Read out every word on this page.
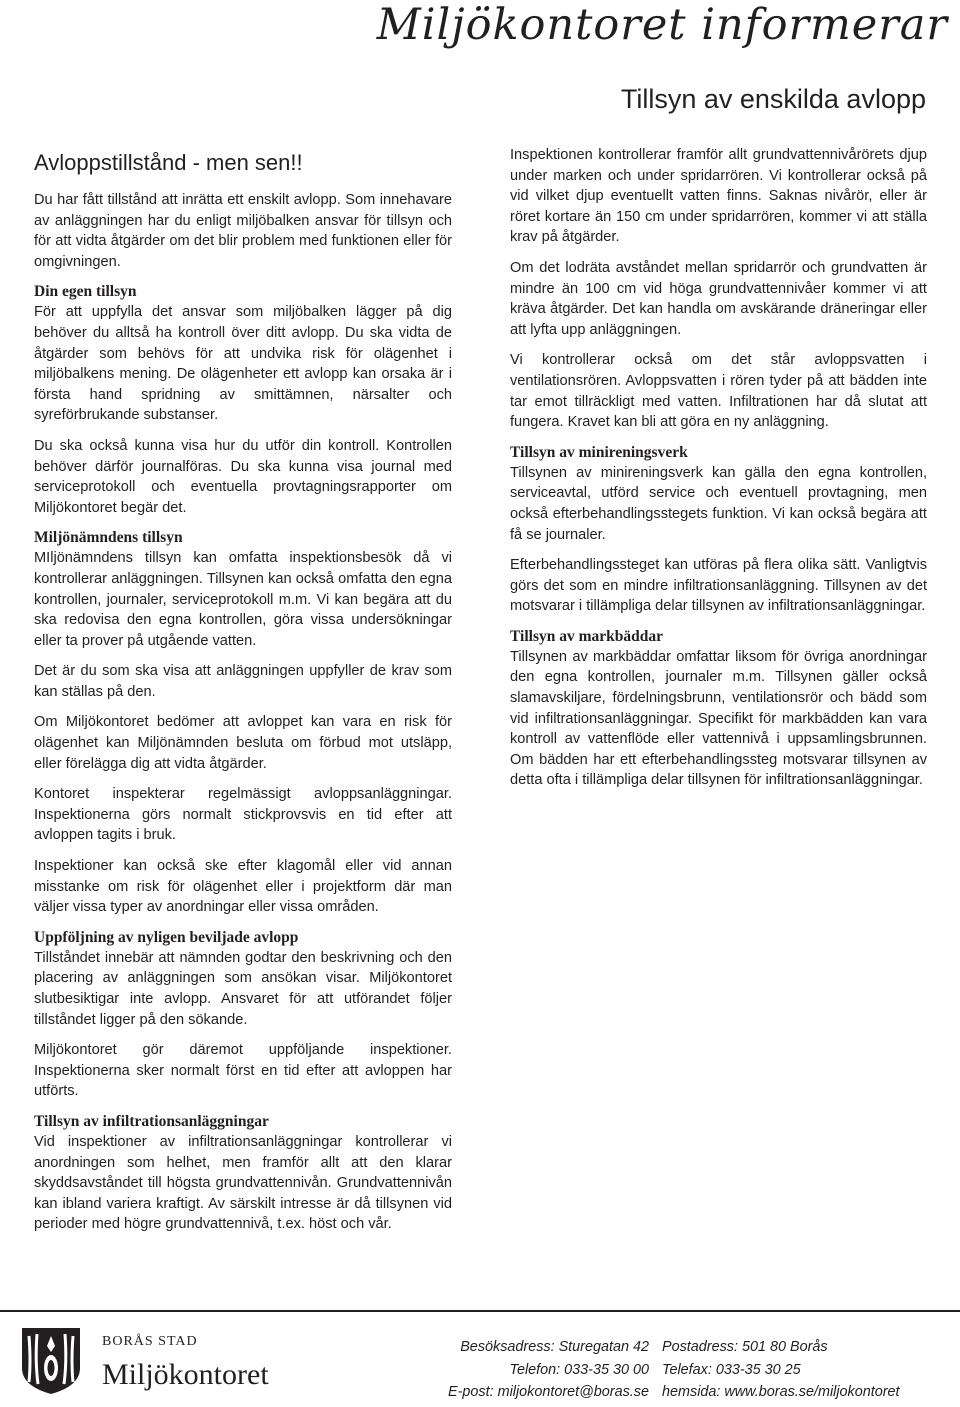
Miljökontoret informerar
Tillsyn av enskilda avlopp
Avloppstillstånd - men sen!!

Du har fått tillstånd att inrätta ett enskilt avlopp. Som innehavare av anläggningen har du enligt miljöbalken ansvar för tillsyn och för att vidta åtgärder om det blir problem med funktionen eller för omgivningen.

Din egen tillsyn

För att uppfylla det ansvar som miljöbalken lägger på dig behöver du alltså ha kontroll över ditt avlopp. Du ska vidta de åtgärder som behövs för att undvika risk för olägenhet i miljöbalkens mening. De olägenheter ett avlopp kan orsaka är i första hand spridning av smittämnen, närsalter och syreförbrukande substanser.

Du ska också kunna visa hur du utför din kontroll. Kontrollen behöver därför journalföras. Du ska kunna visa journal med serviceprotokoll och eventuella provtagningsrapporter om Miljökontoret begär det.

Miljönämndens tillsyn

MIljönämndens tillsyn kan omfatta inspektionsbesök då vi kontrollerar anläggningen. Tillsynen kan också omfatta den egna kontrollen, journaler, serviceprotokoll m.m. Vi kan begära att du ska redovisa den egna kontrollen, göra vissa undersökningar eller ta prover på utgående vatten.

Det är du som ska visa att anläggningen uppfyller de krav som kan ställas på den.

Om Miljökontoret bedömer att avloppet kan vara en risk för olägenhet kan Miljönämnden besluta om förbud mot utsläpp, eller förelägga dig att vidta åtgärder.

Kontoret inspekterar regelmässigt avloppsanläggningar. Inspektionerna görs normalt stickprovsvis en tid efter att avloppen tagits i bruk.

Inspektioner kan också ske efter klagomål eller vid annan misstanke om risk för olägenhet eller i projektform där man väljer vissa typer av anordningar eller vissa områden.

Uppföljning av nyligen beviljade avlopp

Tillståndet innebär att nämnden godtar den beskrivning och den placering av anläggningen som ansökan visar. Miljökontoret slutbesiktigar inte avlopp. Ansvaret för att utförandet följer tillståndet ligger på den sökande.

Miljökontoret gör däremot uppföljande inspektioner. Inspektionerna sker normalt först en tid efter att avloppen har utförts.

Tillsyn av infiltrationsanläggningar

Vid inspektioner av infiltrationsanläggningar kontrollerar vi anordningen som helhet, men framför allt att den klarar skyddsavståndet till högsta grundvattennivån. Grundvattennivån kan ibland variera kraftigt. Av särskilt intresse är då tillsynen vid perioder med högre grundvattennivå, t.ex. höst och vår.

Inspektionen kontrollerar framför allt grundvattennivårörets djup under marken och under spridarrören. Vi kontrollerar också på vid vilket djup eventuellt vatten finns. Saknas nivårör, eller är röret kortare än 150 cm under spridarrören, kommer vi att ställa krav på åtgärder.

Om det lodräta avståndet mellan spridarrör och grundvatten är mindre än 100 cm vid höga grundvattennivåer kommer vi att kräva åtgärder. Det kan handla om avskärande dräneringar eller att lyfta upp anläggningen.

Vi kontrollerar också om det står avloppsvatten i ventilationsrören. Avloppsvatten i rören tyder på att bädden inte tar emot tillräckligt med vatten. Infiltrationen har då slutat att fungera. Kravet kan bli att göra en ny anläggning.

Tillsyn av minireningsverk

Tillsynen av minireningsverk kan gälla den egna kontrollen, serviceavtal, utförd service och eventuell provtagning, men också efterbehandlingsstegets funktion. Vi kan också begära att få se journaler.

Efterbehandlingssteget kan utföras på flera olika sätt. Vanligtvis görs det som en mindre infiltrationsanläggning. Tillsynen av det motsvarar i tillämpliga delar tillsynen av infiltrationsanläggningar.

Tillsyn av markbäddar

Tillsynen av markbäddar omfattar liksom för övriga anordningar den egna kontrollen, journaler m.m. Tillsynen gäller också slamavskiljare, fördelningsbrunn, ventilationsrör och bädd som vid infiltrationsanläggningar. Specifikt för markbädden kan vara kontroll av vattenflöde eller vattennivå i uppsamlingsbrunnen. Om bädden har ett efterbehandlingssteg motsvarar tillsynen av detta ofta i tillämpliga delar tillsynen för infiltrationsanläggningar.

BORÅS STAD
Miljökontoret
Besöksadress: Sturegatan 42
Telefon: 033-35 30 00
E-post: miljokontoret@boras.se
Postadress: 501 80 Borås
Telefax: 033-35 30 25
hemsida: www.boras.se/miljokontoret
